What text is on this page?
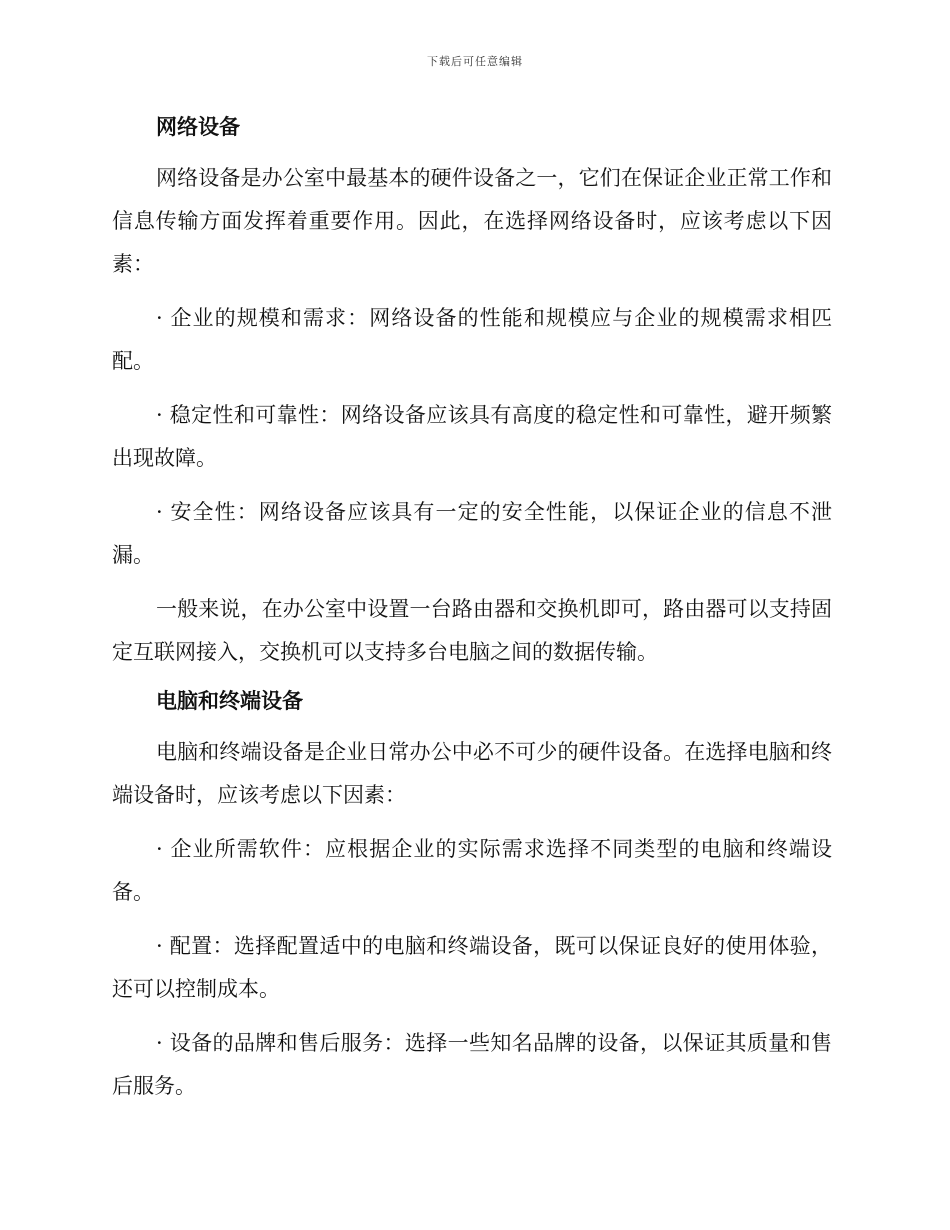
下载后可任意编辑
网络设备

网络设备是办公室中最基本的硬件设备之一，它们在保证企业正常工作和信息传输方面发挥着重要作用。因此，在选择网络设备时，应该考虑以下因素：

· 企业的规模和需求：网络设备的性能和规模应与企业的规模需求相匹配。

· 稳定性和可靠性：网络设备应该具有高度的稳定性和可靠性，避开频繁出现故障。

· 安全性：网络设备应该具有一定的安全性能，以保证企业的信息不泄漏。

一般来说，在办公室中设置一台路由器和交换机即可，路由器可以支持固定互联网接入，交换机可以支持多台电脑之间的数据传输。

电脑和终端设备

电脑和终端设备是企业日常办公中必不可少的硬件设备。在选择电脑和终端设备时，应该考虑以下因素：

· 企业所需软件：应根据企业的实际需求选择不同类型的电脑和终端设备。

· 配置：选择配置适中的电脑和终端设备，既可以保证良好的使用体验，还可以控制成本。

· 设备的品牌和售后服务：选择一些知名品牌的设备，以保证其质量和售后服务。
